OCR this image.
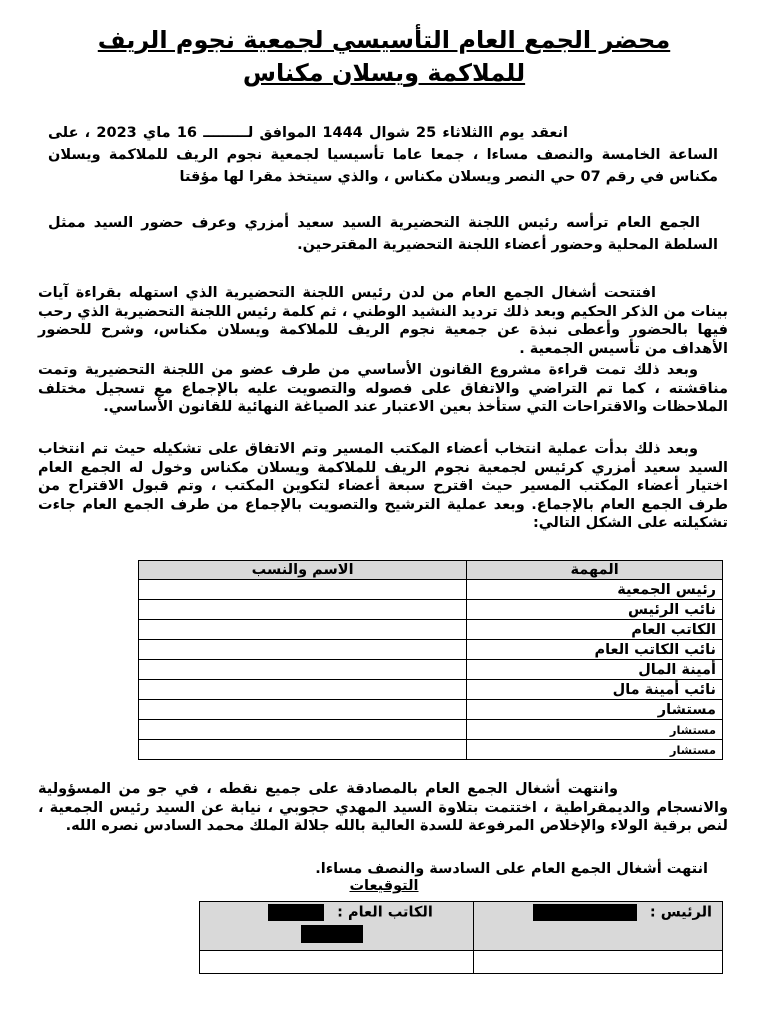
محضر الجمع العام التأسيسي لجمعية نجوم الريف
للملاكمة ويسلان مكناس

انعقد يوم االثلاثاء 25 شوال 1444 الموافق لـــــــــ 16 ماي 2023 ، على الساعة الخامسة والنصف مساءا ، جمعا عاما تأسيسيا لجمعية نجوم الريف للملاكمة ويسلان مكناس في رقم 07 حي النصر ويسلان مكناس ، والذي سيتخذ مقرا لها مؤقتا

الجمع العام ترأسه رئيس اللجنة التحضيرية السيد سعيد أمزري وعرف حضور السيد ممثل السلطة المحلية وحضور أعضاء اللجنة التحضيرية المقترحين.

افتتحت أشغال الجمع العام من لدن رئيس اللجنة التحضيرية الذي استهله بقراءة آيات بينات من الذكر الحكيم وبعد ذلك ترديد النشيد الوطني ، ثم كلمة رئيس اللجنة التحضيرية الذي رحب فيها بالحضور وأعطى نبذة عن جمعية نجوم الريف للملاكمة ويسلان مكناس، وشرح للحضور الأهداف من تأسيس الجمعية .

وبعد ذلك تمت قراءة مشروع القانون الأساسي من طرف عضو من اللجنة التحضيرية وتمت مناقشته ، كما تم التراضي والاتفاق على فصوله والتصويت عليه بالإجماع مع تسجيل مختلف الملاحظات والاقتراحات التي ستأخذ بعين الاعتبار عند الصياغة النهائية للقانون الأساسي.

وبعد ذلك بدأت عملية انتخاب أعضاء المكتب المسير وتم الاتفاق على تشكيله حيث تم انتخاب السيد سعيد أمزري كرئيس لجمعية نجوم الريف للملاكمة ويسلان مكناس وخول له الجمع العام اختيار أعضاء المكتب المسير حيث اقترح سبعة أعضاء لتكوين المكتب ، وتم قبول الاقتراح من طرف الجمع العام بالإجماع. وبعد عملية الترشيح والتصويت بالإجماع من طرف الجمع العام جاءت تشكيلته على الشكل التالي:

المهمة	الاسم والنسب
رئيس الجمعية	
نائب الرئيس	
الكاتب العام	
نائب الكاتب العام	
أمينة المال	
نائب أمينة مال	
مستشار	
مستشار	
مستشار	

وانتهت أشغال الجمع العام بالمصادقة على جميع نقطه ، في جو من المسؤولية والانسجام والديمقراطية ، اختتمت بتلاوة السيد المهدي حجوبي ، نيابة عن السيد رئيس الجمعية ، لنص برقية الولاء والإخلاص المرفوعة للسدة العالية بالله جلالة الملك محمد السادس نصره الله.

انتهت أشغال الجمع العام على السادسة والنصف مساءا.

التوقيعات

الرئيس :	الكاتب العام :
